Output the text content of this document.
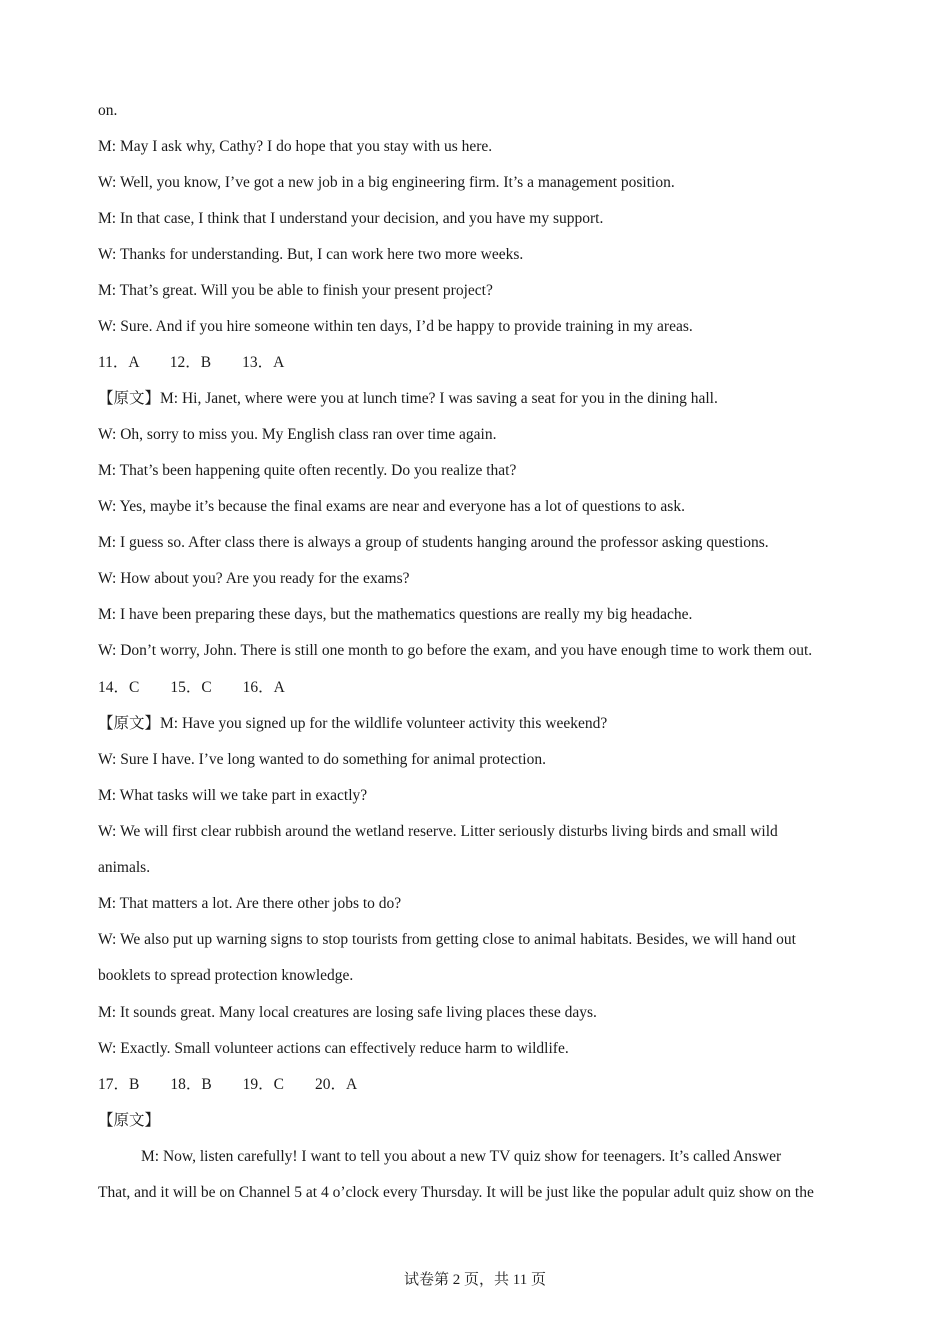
on.
M: May I ask why, Cathy? I do hope that you stay with us here.
W: Well, you know, I’ve got a new job in a big engineering firm. It’s a management position.
M: In that case, I think that I understand your decision, and you have my support.
W: Thanks for understanding. But, I can work here two more weeks.
M: That’s great. Will you be able to finish your present project?
W: Sure. And if you hire someone within ten days, I’d be happy to provide training in my areas.
11．A　　12．B　　13．A
【原文】M: Hi, Janet, where were you at lunch time? I was saving a seat for you in the dining hall.
W: Oh, sorry to miss you. My English class ran over time again.
M: That’s been happening quite often recently. Do you realize that?
W: Yes, maybe it’s because the final exams are near and everyone has a lot of questions to ask.
M: I guess so. After class there is always a group of students hanging around the professor asking questions.
W: How about you? Are you ready for the exams?
M: I have been preparing these days, but the mathematics questions are really my big headache.
W: Don’t worry, John. There is still one month to go before the exam, and you have enough time to work them out.
14．C　　15．C　　16．A
【原文】M: Have you signed up for the wildlife volunteer activity this weekend?
W: Sure I have. I’ve long wanted to do something for animal protection.
M: What tasks will we take part in exactly?
W: We will first clear rubbish around the wetland reserve. Litter seriously disturbs living birds and small wild
animals.
M: That matters a lot. Are there other jobs to do?
W: We also put up warning signs to stop tourists from getting close to animal habitats. Besides, we will hand out
booklets to spread protection knowledge.
M: It sounds great. Many local creatures are losing safe living places these days.
W: Exactly. Small volunteer actions can effectively reduce harm to wildlife.
17．B　　18．B　　19．C　　20．A
【原文】
M: Now, listen carefully! I want to tell you about a new TV quiz show for teenagers. It’s called Answer
That, and it will be on Channel 5 at 4 o’clock every Thursday. It will be just like the popular adult quiz show on the
试卷第 2 页，共 11 页
